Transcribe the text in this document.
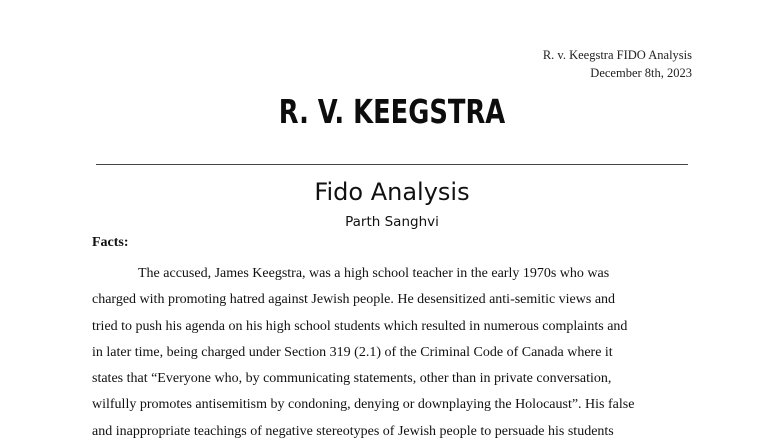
R. v. Keegstra FIDO Analysis
December 8th, 2023
R. V. KEEGSTRA
Fido Analysis
Parth Sanghvi
Facts:
The accused, James Keegstra, was a high school teacher in the early 1970s who was
charged with promoting hatred against Jewish people. He desensitized anti-semitic views and
tried to push his agenda on his high school students which resulted in numerous complaints and
in later time, being charged under Section 319 (2.1) of the Criminal Code of Canada where it
states that “Everyone who, by communicating statements, other than in private conversation,
wilfully promotes antisemitism by condoning, denying or downplaying the Holocaust”. His false
and inappropriate teachings of negative stereotypes of Jewish people to persuade his students
